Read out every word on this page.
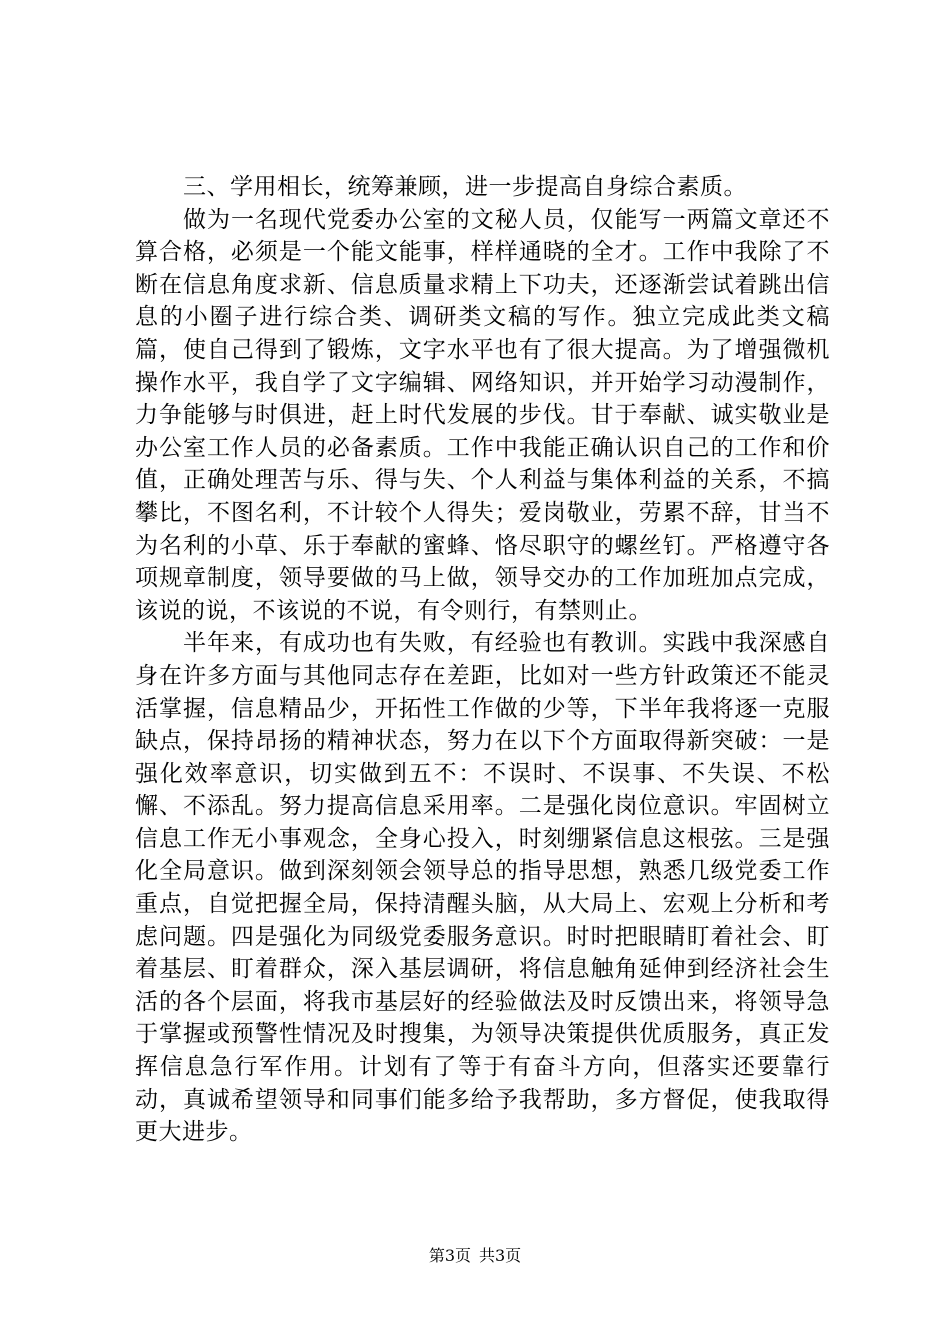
三、学用相长，统筹兼顾，进一步提高自身综合素质。

做为一名现代党委办公室的文秘人员，仅能写一两篇文章还不算合格，必须是一个能文能事，样样通晓的全才。工作中我除了不断在信息角度求新、信息质量求精上下功夫，还逐渐尝试着跳出信息的小圈子进行综合类、调研类文稿的写作。独立完成此类文稿篇，使自己得到了锻炼，文字水平也有了很大提高。为了增强微机操作水平，我自学了文字编辑、网络知识，并开始学习动漫制作，力争能够与时俱进，赶上时代发展的步伐。甘于奉献、诚实敬业是办公室工作人员的必备素质。工作中我能正确认识自己的工作和价值，正确处理苦与乐、得与失、个人利益与集体利益的关系，不搞攀比，不图名利，不计较个人得失；爱岗敬业，劳累不辞，甘当不为名利的小草、乐于奉献的蜜蜂、恪尽职守的螺丝钉。严格遵守各项规章制度，领导要做的马上做，领导交办的工作加班加点完成，该说的说，不该说的不说，有令则行，有禁则止。

半年来，有成功也有失败，有经验也有教训。实践中我深感自身在许多方面与其他同志存在差距，比如对一些方针政策还不能灵活掌握，信息精品少，开拓性工作做的少等，下半年我将逐一克服缺点，保持昂扬的精神状态，努力在以下个方面取得新突破：一是强化效率意识，切实做到五不：不误时、不误事、不失误、不松懈、不添乱。努力提高信息采用率。二是强化岗位意识。牢固树立信息工作无小事观念，全身心投入，时刻绷紧信息这根弦。三是强化全局意识。做到深刻领会领导总的指导思想，熟悉几级党委工作重点，自觉把握全局，保持清醒头脑，从大局上、宏观上分析和考虑问题。四是强化为同级党委服务意识。时时把眼睛盯着社会、盯着基层、盯着群众，深入基层调研，将信息触角延伸到经济社会生活的各个层面，将我市基层好的经验做法及时反馈出来，将领导急于掌握或预警性情况及时搜集，为领导决策提供优质服务，真正发挥信息急行军作用。计划有了等于有奋斗方向，但落实还要靠行动，真诚希望领导和同事们能多给予我帮助，多方督促，使我取得更大进步。

第3页 共3页
